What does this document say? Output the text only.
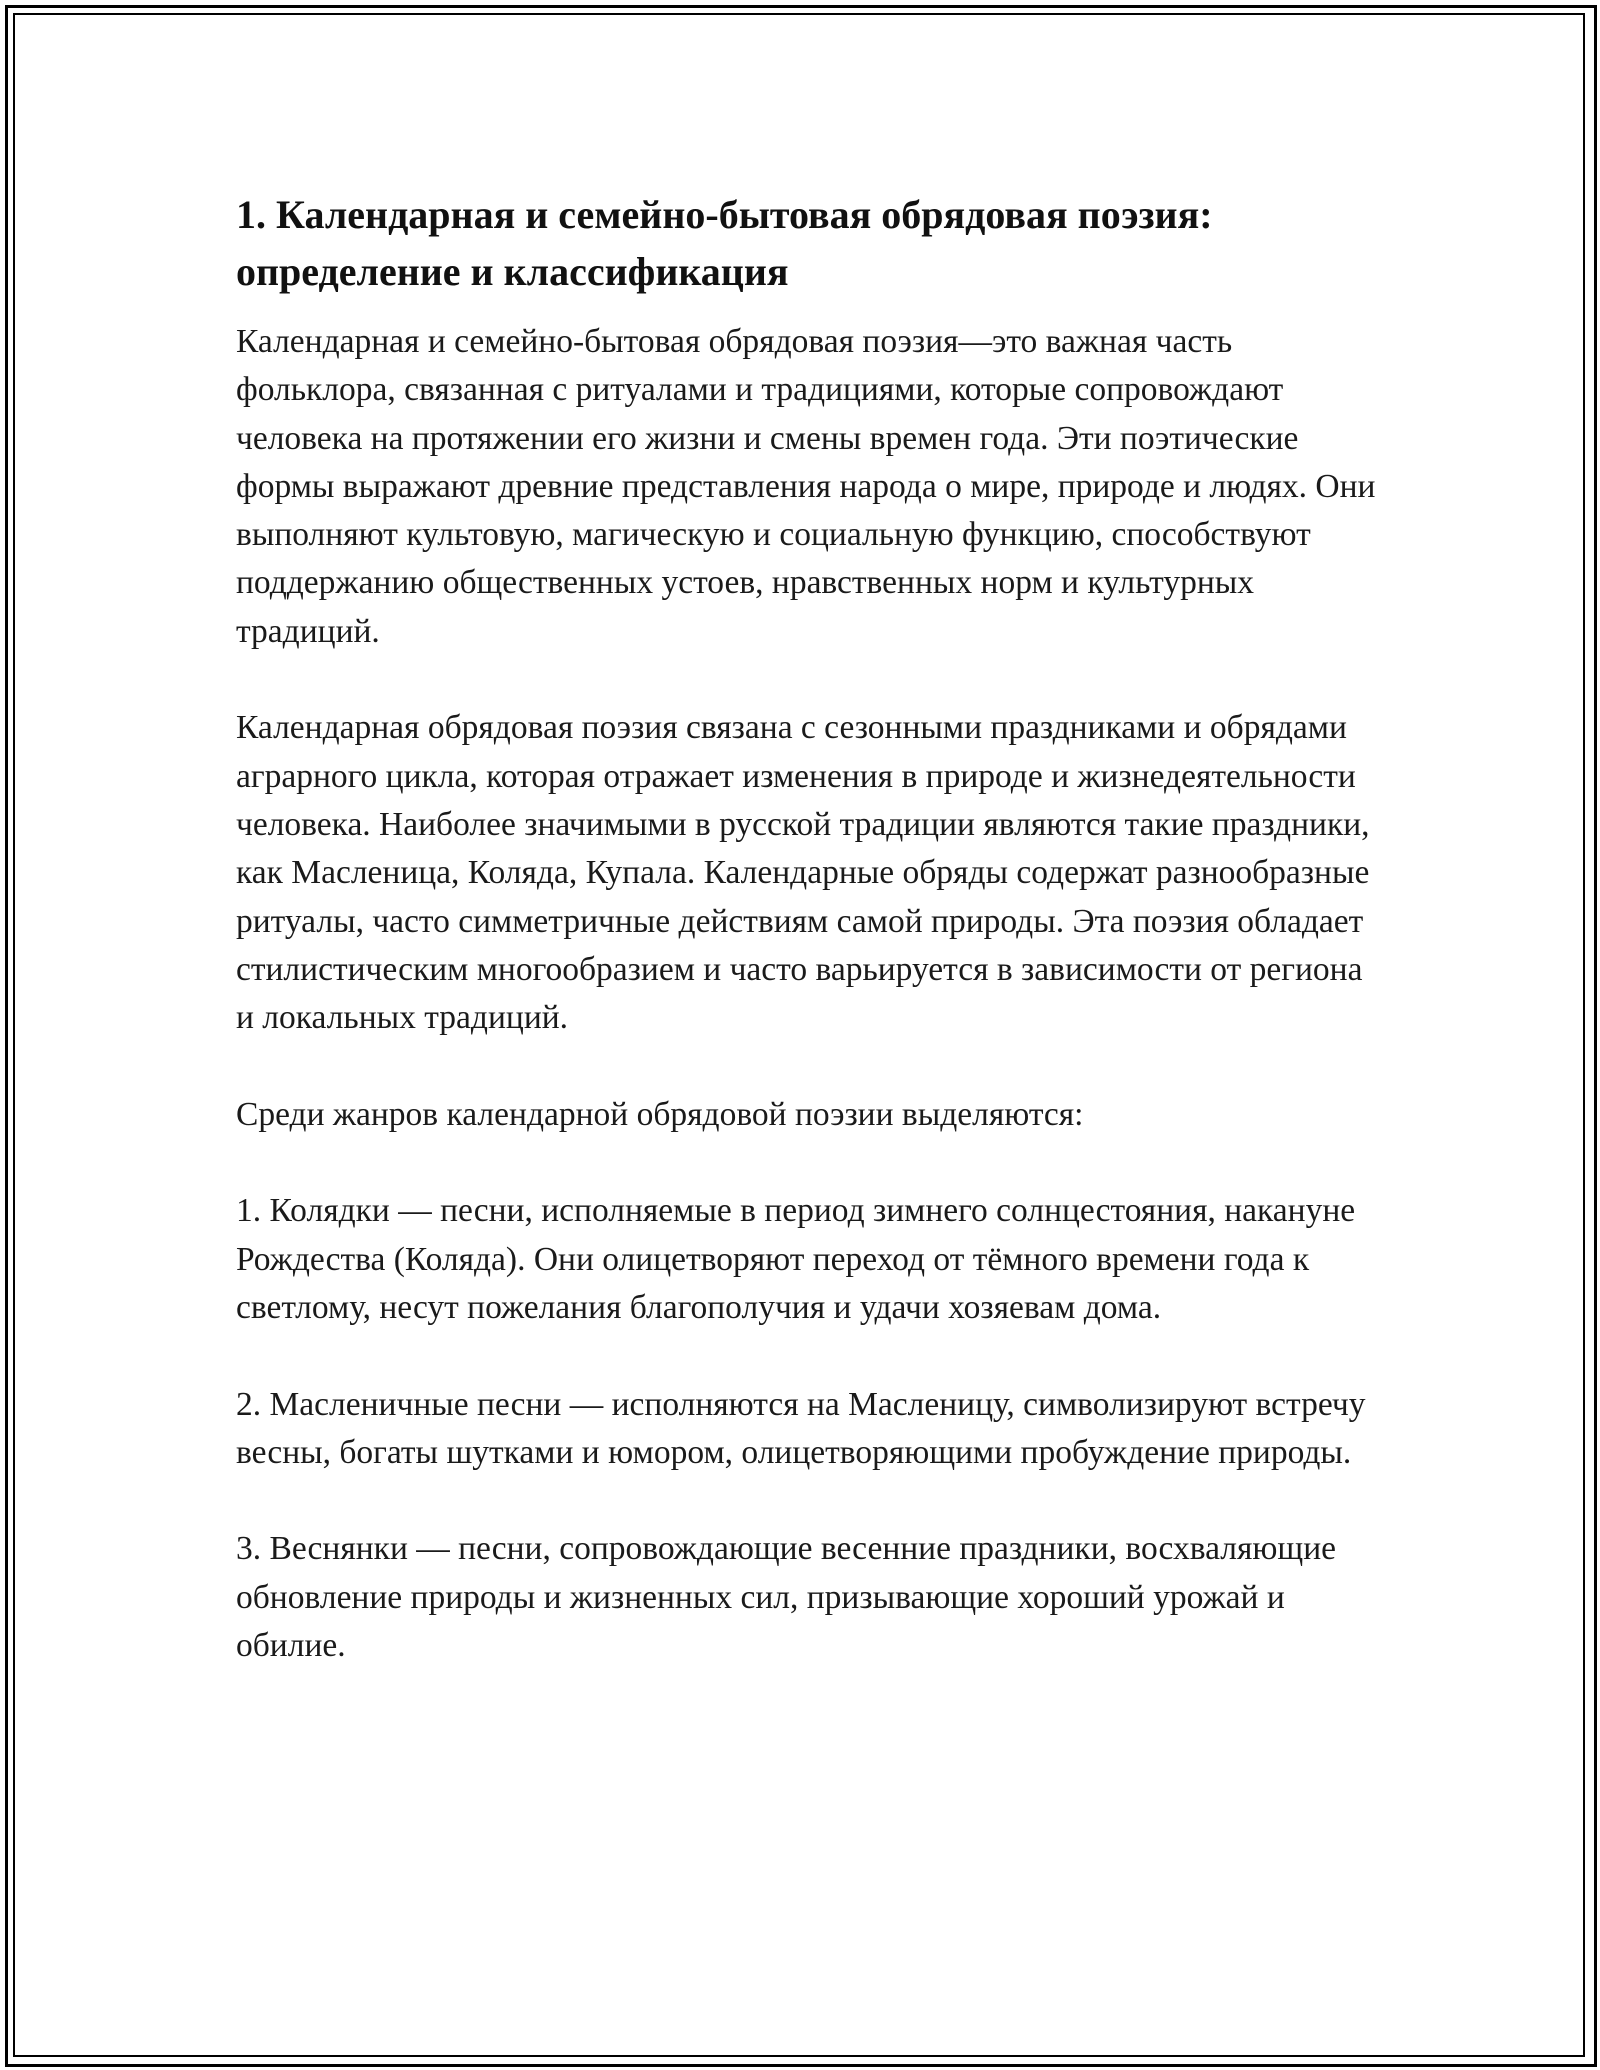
1. Календарная и семейно-бытовая обрядовая поэзия: определение и классификация

Календарная и семейно-бытовая обрядовая поэзия—это важная часть фольклора, связанная с ритуалами и традициями, которые сопровождают человека на протяжении его жизни и смены времен года. Эти поэтические формы выражают древние представления народа о мире, природе и людях. Они выполняют культовую, магическую и социальную функцию, способствуют поддержанию общественных устоев, нравственных норм и культурных традиций.

Календарная обрядовая поэзия связана с сезонными праздниками и обрядами аграрного цикла, которая отражает изменения в природе и жизнедеятельности человека. Наиболее значимыми в русской традиции являются такие праздники, как Масленица, Коляда, Купала. Календарные обряды содержат разнообразные ритуалы, часто симметричные действиям самой природы. Эта поэзия обладает стилистическим многообразием и часто варьируется в зависимости от региона и локальных традиций.

Среди жанров календарной обрядовой поэзии выделяются:

1. Колядки — песни, исполняемые в период зимнего солнцестояния, накануне Рождества (Коляда). Они олицетворяют переход от тёмного времени года к светлому, несут пожелания благополучия и удачи хозяевам дома.

2. Масленичные песни — исполняются на Масленицу, символизируют встречу весны, богаты шутками и юмором, олицетворяющими пробуждение природы.

3. Веснянки — песни, сопровождающие весенние праздники, восхваляющие обновление природы и жизненных сил, призывающие хороший урожай и обилие.
